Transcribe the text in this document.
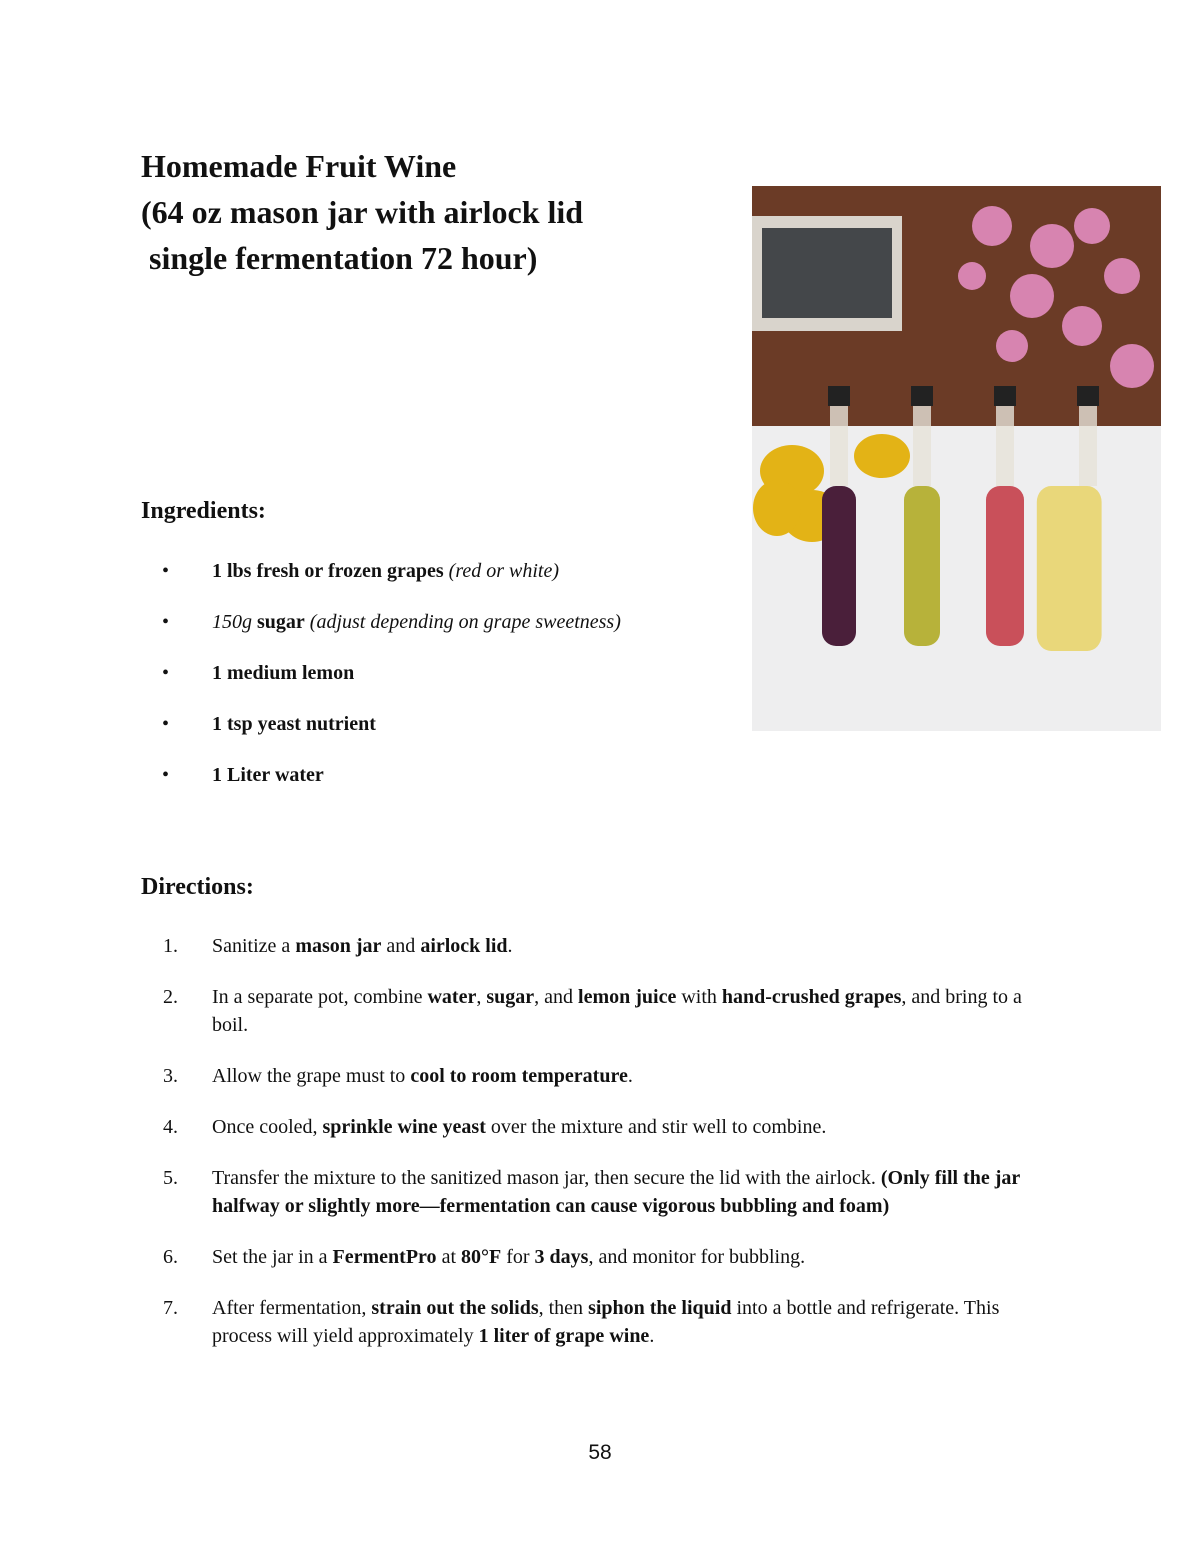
Homemade Fruit Wine
(64 oz mason jar with airlock lid
single fermentation 72 hour)
Ingredients:
• 1 lbs fresh or frozen grapes (red or white)
• 150g sugar (adjust depending on grape sweetness)
• 1 medium lemon
• 1 tsp yeast nutrient
• 1 Liter water
Directions:
1. Sanitize a mason jar and airlock lid.
2. In a separate pot, combine water, sugar, and lemon juice with hand-crushed grapes, and bring to a boil.
3. Allow the grape must to cool to room temperature.
4. Once cooled, sprinkle wine yeast over the mixture and stir well to combine.
5. Transfer the mixture to the sanitized mason jar, then secure the lid with the airlock. (Only fill the jar halfway or slightly more—fermentation can cause vigorous bubbling and foam)
6. Set the jar in a FermentPro at 80°F for 3 days, and monitor for bubbling.
7. After fermentation, strain out the solids, then siphon the liquid into a bottle and refrigerate. This process will yield approximately 1 liter of grape wine.
58
